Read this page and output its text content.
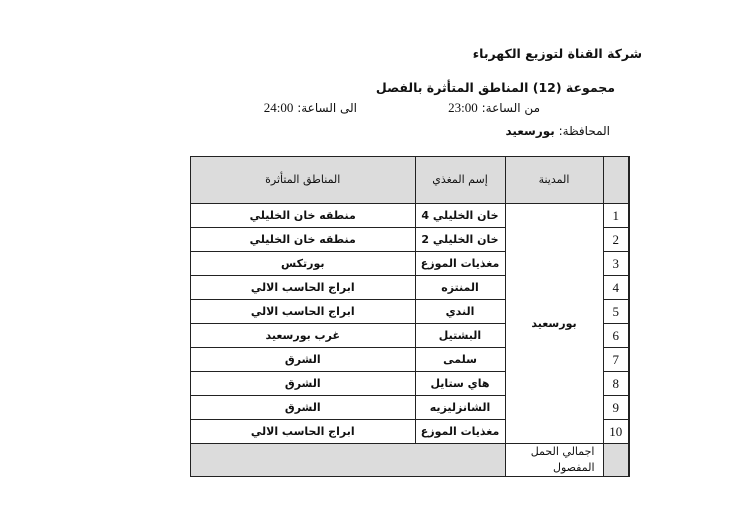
شركة القناة لتوزيع الكهرباء
مجموعة (12) المناطق المتأثرة بالفصل
من الساعة: 23:00
الى الساعة: 24:00
المحافظة: بورسعيد
	المدينة	إسم المغذي	المناطق المتأثرة
1	بورسعيد	خان الخليلي 4	منطقه خان الخليلي
2		خان الخليلي 2	منطقه خان الخليلي
3		مغذيات الموزع	بورتكس
4		المنتزه	ابراج الحاسب الالي
5		الندي	ابراج الحاسب الالي
6		البشتيل	غرب بورسعيد
7		سلمى	الشرق
8		هاي ستايل	الشرق
9		الشانزليزيه	الشرق
10		مغذيات الموزع	ابراج الحاسب الالي
	اجمالي الحمل المفصول		
